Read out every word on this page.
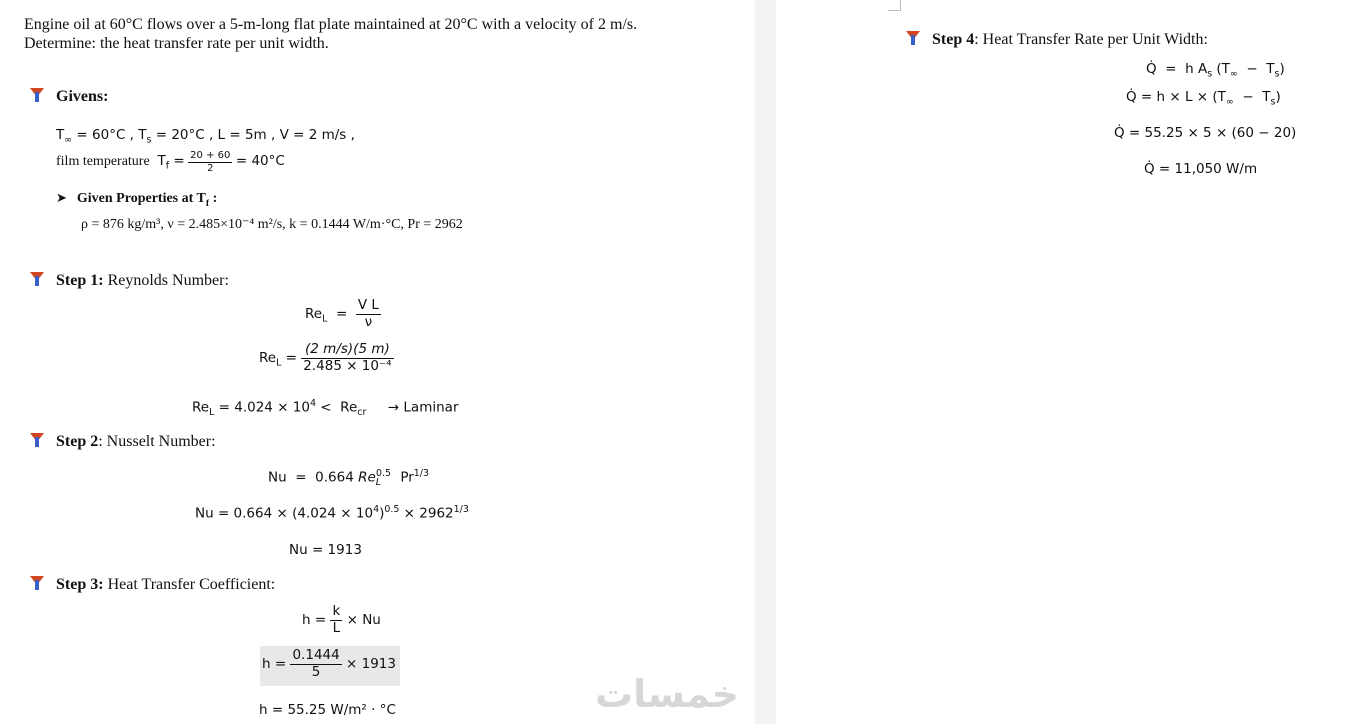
Engine oil at 60°C flows over a 5-m-long flat plate maintained at 20°C with a velocity of 2 m/s. Determine: the heat transfer rate per unit width.
Givens:
$T_\infty = 60^\circ C$ , $T_s = 20^\circ C$ , L = 5m , V = 2 m/s ,
film temperature  $T_f = \frac{20 + 60}{2} = 40^\circ C$
➤ Given Properties at $T_f$ :
ρ = 876 kg/m³, ν = 2.485×10⁻⁴ m²/s, k = 0.1444 W/m·°C, Pr = 2962
Step 1: Reynolds Number:
$Re_L = \frac{\text{V L}}{\nu}$
$Re_L = \frac{(2 m/s)(5 m)}{\text{2.485 × 10⁻⁴}}$
$Re_L = 4.024 \times 10^4 < Re_{cr}$ → Laminar
Step 2: Nusselt Number:
Nu  =  0.664 $Re_L^{0.5}$ $Pr^{1/3}$
$Nu = 0.664 \times (4.024 \times 10^4)^{0.5} \times 2962^{1/3}$
Nu = 1913
Step 3: Heat Transfer Coefficient:
$h = \frac{k}{L} \times Nu$
$h = \frac{0.1444}{5} \times 1913$
h = 55.25 W/m² · °C	خمسات
Step 4: Heat Transfer Rate per Unit Width:
Q̇  =  h $A_s$ $(T_\infty - T_s)$
Q̇ = $h \times L \times (T_\infty - T_s)$
Q̇ = 55.25 × 5 × (60 − 20)
Q̇ = 11,050 W/m
